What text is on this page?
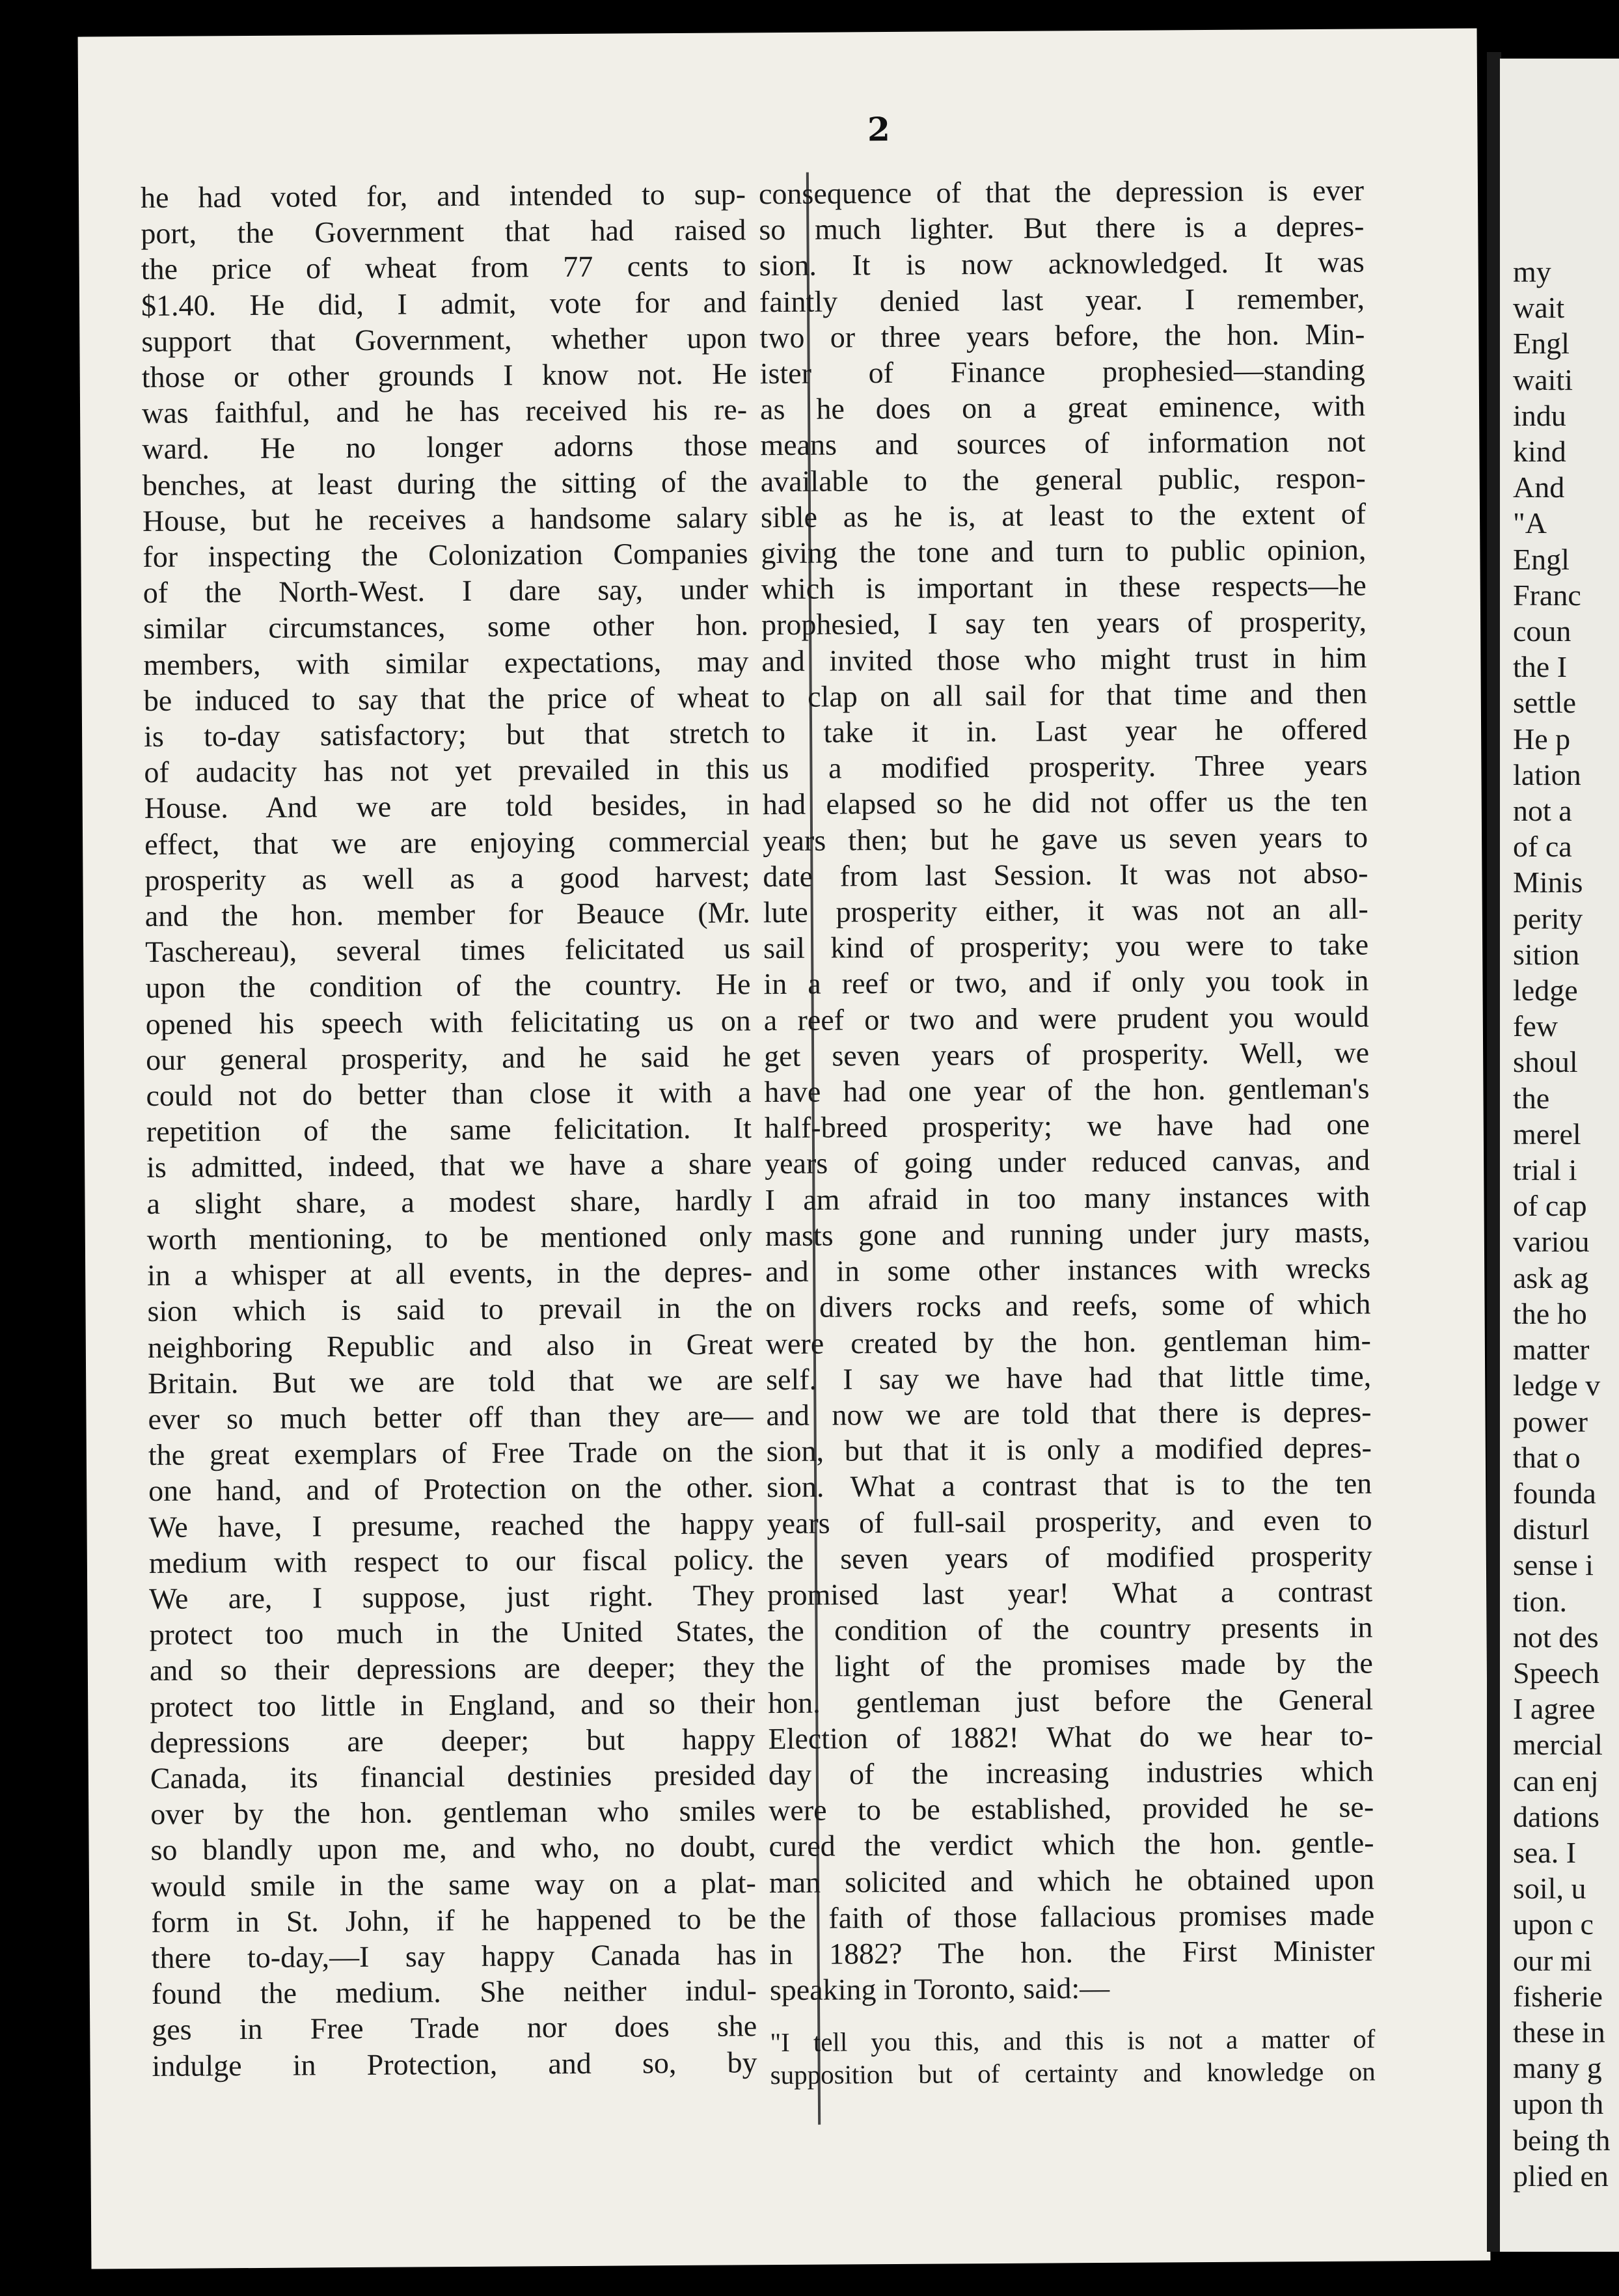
2
he had voted for, and intended to sup-
port, the Government that had raised
the price of wheat from 77 cents to
$1.40. He did, I admit, vote for and
support that Government, whether upon
those or other grounds I know not. He
was faithful, and he has received his re-
ward. He no longer adorns those
benches, at least during the sitting of the
House, but he receives a handsome salary
for inspecting the Colonization Companies
of the North-West. I dare say, under
similar circumstances, some other hon.
members, with similar expectations, may
be induced to say that the price of wheat
is to-day satisfactory; but that stretch
of audacity has not yet prevailed in this
House. And we are told besides, in
effect, that we are enjoying commercial
prosperity as well as a good harvest;
and the hon. member for Beauce (Mr.
Taschereau), several times felicitated us
upon the condition of the country. He
opened his speech with felicitating us on
our general prosperity, and he said he
could not do better than close it with a
repetition of the same felicitation. It
is admitted, indeed, that we have a share
a slight share, a modest share, hardly
worth mentioning, to be mentioned only
in a whisper at all events, in the depres-
sion which is said to prevail in the
neighboring Republic and also in Great
Britain. But we are told that we are
ever so much better off than they are—
the great exemplars of Free Trade on the
one hand, and of Protection on the other.
We have, I presume, reached the happy
medium with respect to our fiscal policy.
We are, I suppose, just right. They
protect too much in the United States,
and so their depressions are deeper; they
protect too little in England, and so their
depressions are deeper; but happy
Canada, its financial destinies presided
over by the hon. gentleman who smiles
so blandly upon me, and who, no doubt,
would smile in the same way on a plat-
form in St. John, if he happened to be
there to-day,—I say happy Canada has
found the medium. She neither indul-
ges in Free Trade nor does she
indulge in Protection, and so, by
consequence of that the depression is ever
so much lighter. But there is a depres-
sion. It is now acknowledged. It was
faintly denied last year. I remember,
two or three years before, the hon. Min-
ister of Finance prophesied—standing
as he does on a great eminence, with
means and sources of information not
available to the general public, respon-
sible as he is, at least to the extent of
giving the tone and turn to public opinion,
which is important in these respects—he
prophesied, I say ten years of prosperity,
and invited those who might trust in him
to clap on all sail for that time and then
to take it in. Last year he offered
us a modified prosperity. Three years
had elapsed so he did not offer us the ten
years then; but he gave us seven years to
date from last Session. It was not abso-
lute prosperity either, it was not an all-
sail kind of prosperity; you were to take
in a reef or two, and if only you took in
a reef or two and were prudent you would
get seven years of prosperity. Well, we
have had one year of the hon. gentleman's
half-breed prosperity; we have had one
years of going under reduced canvas, and
I am afraid in too many instances with
masts gone and running under jury masts,
and in some other instances with wrecks
on divers rocks and reefs, some of which
were created by the hon. gentleman him-
self. I say we have had that little time,
and now we are told that there is depres-
sion, but that it is only a modified depres-
sion. What a contrast that is to the ten
years of full-sail prosperity, and even to
the seven years of modified prosperity
promised last year! What a contrast
the condition of the country presents in
the light of the promises made by the
hon. gentleman just before the General
Election of 1882! What do we hear to-
day of the increasing industries which
were to be established, provided he se-
cured the verdict which the hon. gentle-
man solicited and which he obtained upon
the faith of those fallacious promises made
in 1882? The hon. the First Minister
speaking in Toronto, said:—
"I tell you this, and this is not a matter of
supposition but of certainty and knowledge on
my
wait
Engl
waiti
indu
kind
And
"A
Engl
Franc
coun
the I
settle
He p
lation
not a
of ca
Minis
perity
sition
ledge
few
shoul
the
merel
trial i
of cap
variou
ask ag
the ho
matter
ledge v
power
that o
founda
disturl
sense i
tion.
not des
Speech
I agree
mercial
can enj
dations
sea. I
soil, u
upon c
our mi
fisherie
these in
many g
upon th
being th
plied en
